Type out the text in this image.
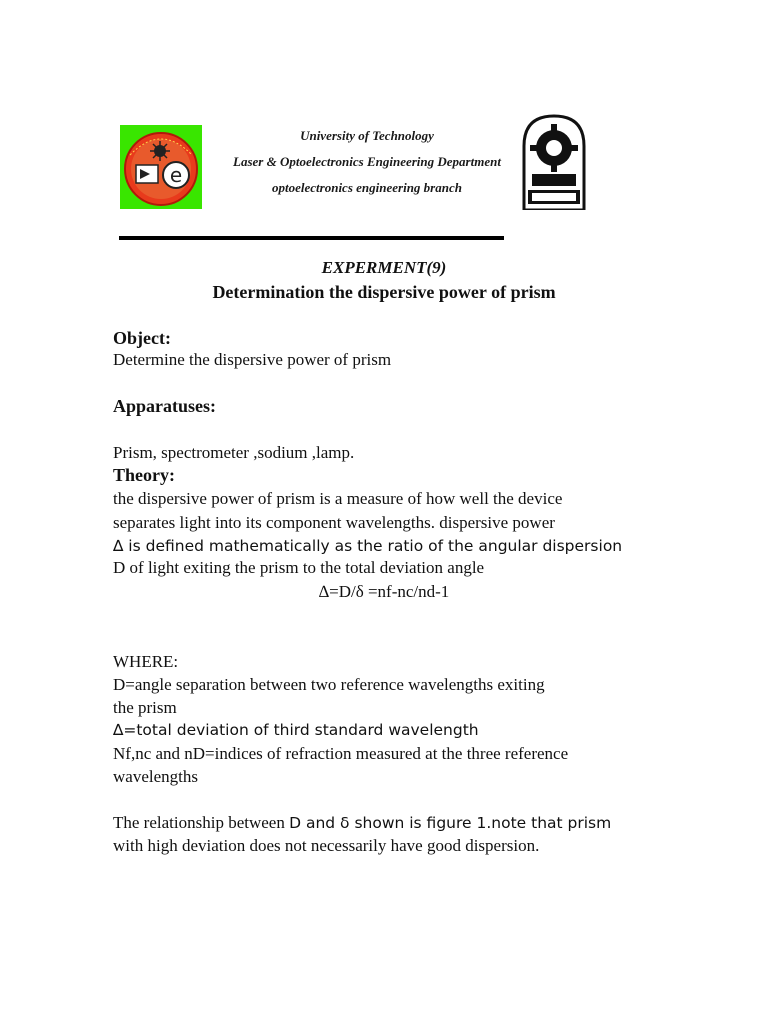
e
University of Technology
Laser & Optoelectronics Engineering Department
optoelectronics engineering branch
EXPERMENT(9)
Determination the dispersive power of prism
Object:
Determine the dispersive power of prism
Apparatuses:
Prism, spectrometer ,sodium ,lamp.
Theory:
the dispersive power of prism is a measure of how well the device
separates light into its component wavelengths. dispersive power
∆ is defined mathematically as the ratio of the angular dispersion
D of light exiting the prism to the total deviation angle
∆=D/δ =nf-nc/nd-1
WHERE:
D=angle separation between two reference wavelengths exiting
the prism
∆=total deviation of third standard wavelength
Nf,nc and nD=indices of refraction measured at the three reference
wavelengths
The relationship between D and δ shown is figure 1.note that prism
with high deviation does not necessarily have good dispersion.
